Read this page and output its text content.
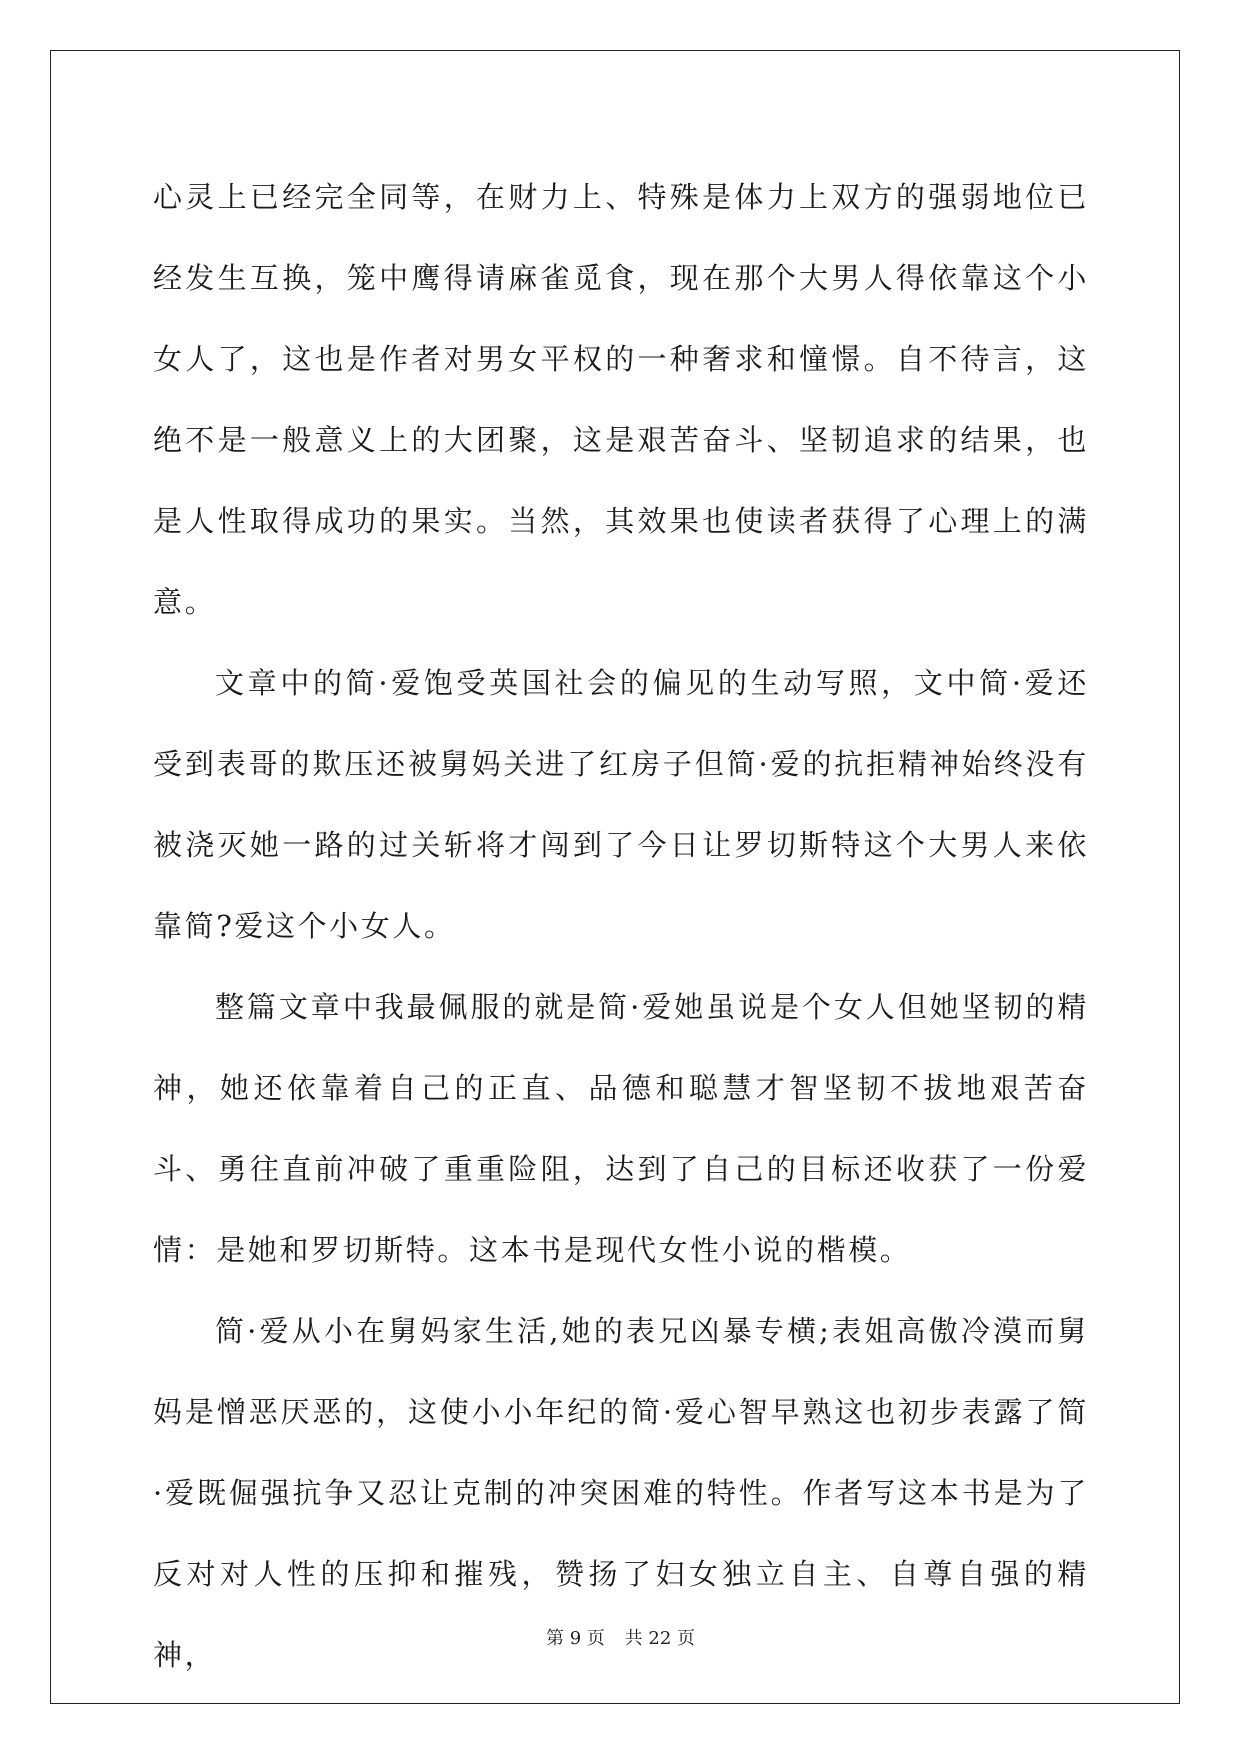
心灵上已经完全同等，在财力上、特殊是体力上双方的强弱地位已经发生互换，笼中鹰得请麻雀觅食，现在那个大男人得依靠这个小女人了，这也是作者对男女平权的一种奢求和憧憬。自不待言，这绝不是一般意义上的大团聚，这是艰苦奋斗、坚韧追求的结果，也是人性取得成功的果实。当然，其效果也使读者获得了心理上的满意。

文章中的简·爱饱受英国社会的偏见的生动写照，文中简·爱还受到表哥的欺压还被舅妈关进了红房子但简·爱的抗拒精神始终没有被浇灭她一路的过关斩将才闯到了今日让罗切斯特这个大男人来依靠简?爱这个小女人。

整篇文章中我最佩服的就是简·爱她虽说是个女人但她坚韧的精神，她还依靠着自己的正直、品德和聪慧才智坚韧不拔地艰苦奋斗、勇往直前冲破了重重险阻，达到了自己的目标还收获了一份爱情：是她和罗切斯特。这本书是现代女性小说的楷模。

简·爱从小在舅妈家生活,她的表兄凶暴专横;表姐高傲冷漠而舅妈是憎恶厌恶的，这使小小年纪的简·爱心智早熟这也初步表露了简·爱既倔强抗争又忍让克制的冲突困难的特性。作者写这本书是为了反对对人性的压抑和摧残，赞扬了妇女独立自主、自尊自强的精神，	第 9 页 共 22 页
